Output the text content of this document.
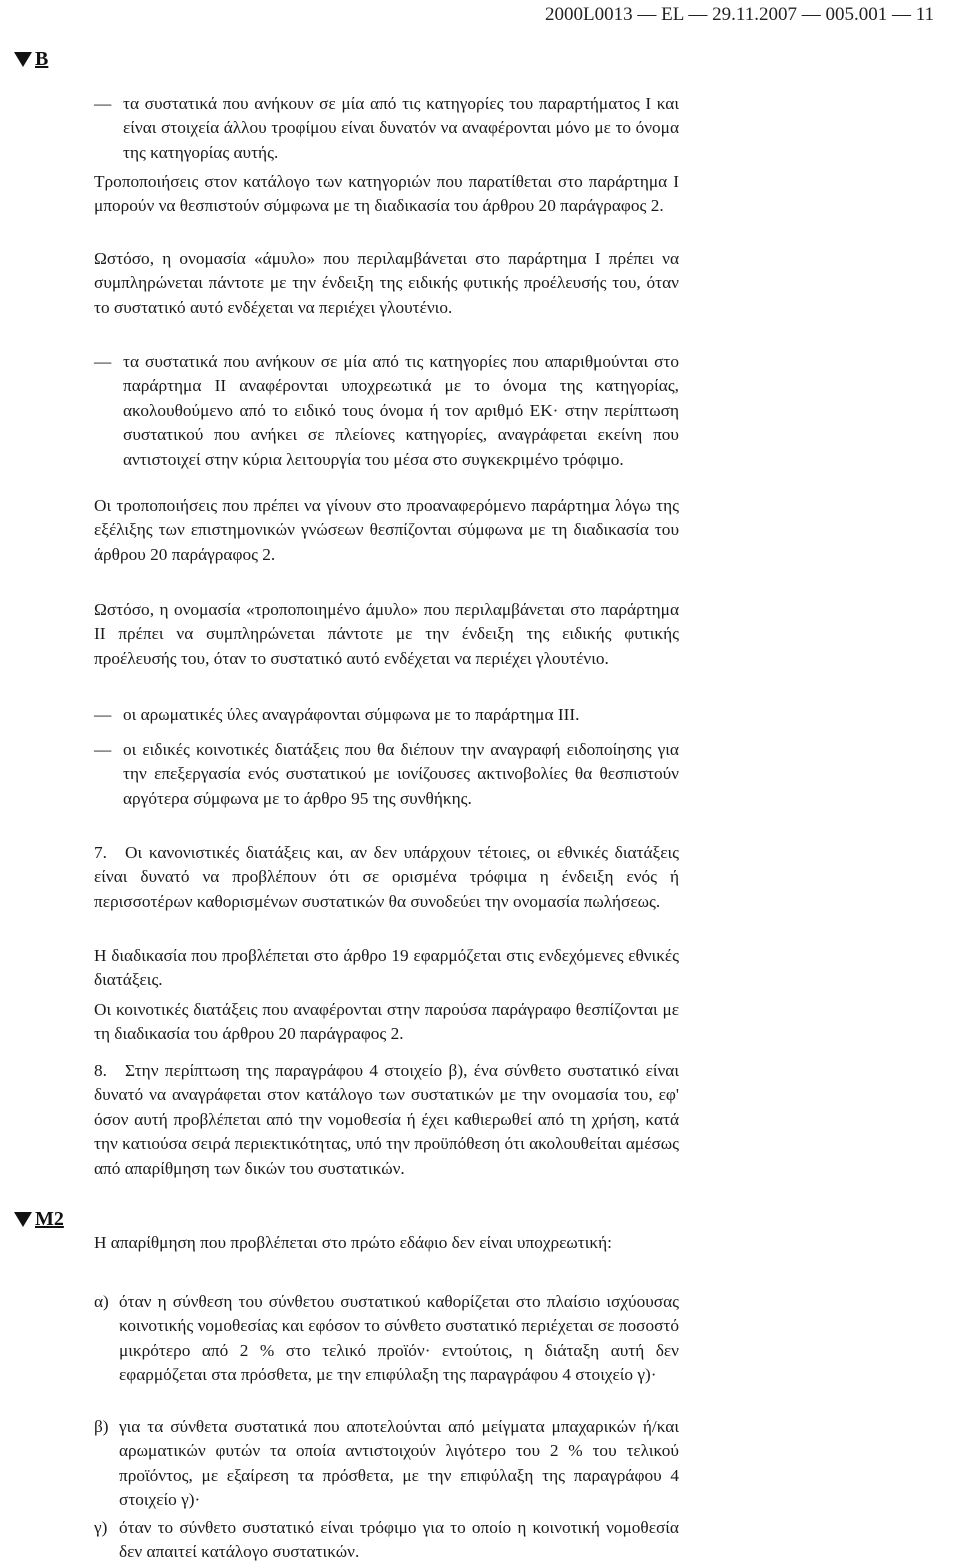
2000L0013 — EL — 29.11.2007 — 005.001 — 11
B
M2
— τα συστατικά που ανήκουν σε μία από τις κατηγορίες του παραρτήματος I και είναι στοιχεία άλλου τροφίμου είναι δυνατόν να αναφέρονται μόνο με το όνομα της κατηγορίας αυτής.

Τροποποιήσεις στον κατάλογο των κατηγοριών που παρατίθεται στο παράρτημα I μπορούν να θεσπιστούν σύμφωνα με τη διαδικασία του άρθρου 20 παράγραφος 2.

Ωστόσο, η ονομασία «άμυλο» που περιλαμβάνεται στο παράρτημα I πρέπει να συμπληρώνεται πάντοτε με την ένδειξη της ειδικής φυτικής προέλευσής του, όταν το συστατικό αυτό ενδέχεται να περιέχει γλουτένιο.

— τα συστατικά που ανήκουν σε μία από τις κατηγορίες που απαριθμούνται στο παράρτημα II αναφέρονται υποχρεωτικά με το όνομα της κατηγορίας, ακολουθούμενο από το ειδικό τους όνομα ή τον αριθμό ΕΚ· στην περίπτωση συστατικού που ανήκει σε πλείονες κατηγορίες, αναγράφεται εκείνη που αντιστοιχεί στην κύρια λειτουργία του μέσα στο συγκεκριμένο τρόφιμο.

Οι τροποποιήσεις που πρέπει να γίνουν στο προαναφερόμενο παράρτημα λόγω της εξέλιξης των επιστημονικών γνώσεων θεσπίζονται σύμφωνα με τη διαδικασία του άρθρου 20 παράγραφος 2.

Ωστόσο, η ονομασία «τροποποιημένο άμυλο» που περιλαμβάνεται στο παράρτημα II πρέπει να συμπληρώνεται πάντοτε με την ένδειξη της ειδικής φυτικής προέλευσής του, όταν το συστατικό αυτό ενδέχεται να περιέχει γλουτένιο.

— οι αρωματικές ύλες αναγράφονται σύμφωνα με το παράρτημα III.
— οι ειδικές κοινοτικές διατάξεις που θα διέπουν την αναγραφή ειδοποίησης για την επεξεργασία ενός συστατικού με ιονίζουσες ακτινοβολίες θα θεσπιστούν αργότερα σύμφωνα με το άρθρο 95 της συνθήκης.

7. Οι κανονιστικές διατάξεις και, αν δεν υπάρχουν τέτοιες, οι εθνικές διατάξεις είναι δυνατό να προβλέπουν ότι σε ορισμένα τρόφιμα η ένδειξη ενός ή περισσοτέρων καθορισμένων συστατικών θα συνοδεύει την ονομασία πωλήσεως.

Η διαδικασία που προβλέπεται στο άρθρο 19 εφαρμόζεται στις ενδεχόμενες εθνικές διατάξεις.

Οι κοινοτικές διατάξεις που αναφέρονται στην παρούσα παράγραφο θεσπίζονται με τη διαδικασία του άρθρου 20 παράγραφος 2.

8. Στην περίπτωση της παραγράφου 4 στοιχείο β), ένα σύνθετο συστατικό είναι δυνατό να αναγράφεται στον κατάλογο των συστατικών με την ονομασία του, εφ' όσον αυτή προβλέπεται από την νομοθεσία ή έχει καθιερωθεί από τη χρήση, κατά την κατιούσα σειρά περιεκτικότητας, υπό την προϋπόθεση ότι ακολουθείται αμέσως από απαρίθμηση των δικών του συστατικών.

Η απαρίθμηση που προβλέπεται στο πρώτο εδάφιο δεν είναι υποχρεωτική:

α) όταν η σύνθεση του σύνθετου συστατικού καθορίζεται στο πλαίσιο ισχύουσας κοινοτικής νομοθεσίας και εφόσον το σύνθετο συστατικό περιέχεται σε ποσοστό μικρότερο από 2 % στο τελικό προϊόν· εντούτοις, η διάταξη αυτή δεν εφαρμόζεται στα πρόσθετα, με την επιφύλαξη της παραγράφου 4 στοιχείο γ)·
β) για τα σύνθετα συστατικά που αποτελούνται από μείγματα μπαχαρικών ή/και αρωματικών φυτών τα οποία αντιστοιχούν λιγότερο του 2 % του τελικού προϊόντος, με εξαίρεση τα πρόσθετα, με την επιφύλαξη της παραγράφου 4 στοιχείο γ)·
γ) όταν το σύνθετο συστατικό είναι τρόφιμο για το οποίο η κοινοτική νομοθεσία δεν απαιτεί κατάλογο συστατικών.
